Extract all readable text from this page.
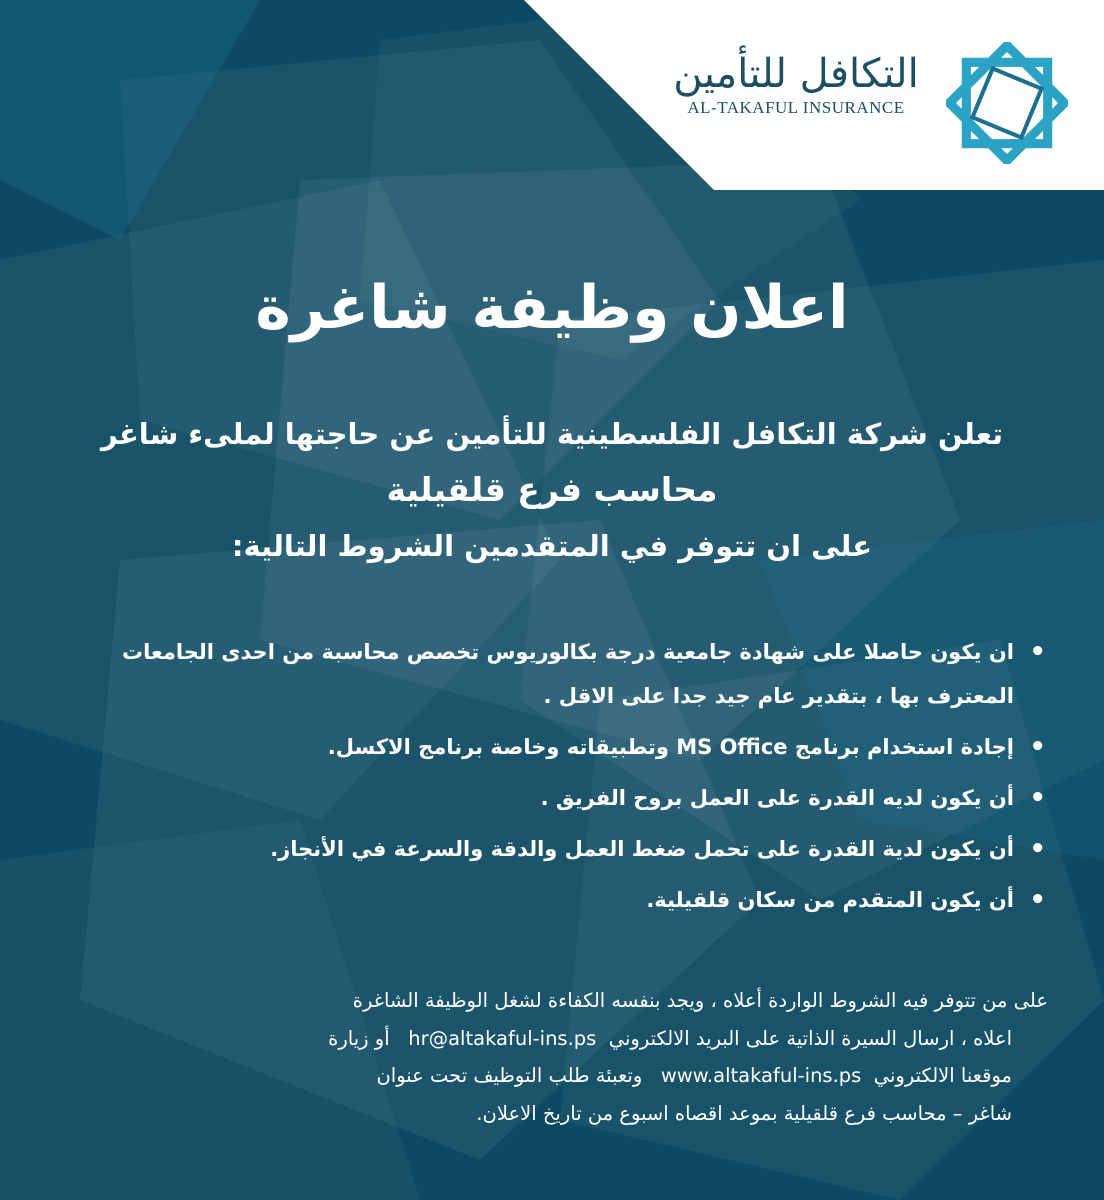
التكافل للتأمين
AL-TAKAFUL INSURANCE
اعلان وظيفة شاغرة
تعلن شركة التكافل الفلسطينية للتأمين عن حاجتها لملىء شاغر
محاسب فرع قلقيلية
على ان تتوفر في المتقدمين الشروط التالية:
• ان يكون حاصلا على شهادة جامعية درجة بكالوريوس تخصص محاسبة من احدى الجامعات المعترف بها ، بتقدير عام جيد جدا على الاقل .
• إجادة استخدام برنامج MS Office وتطبيقاته وخاصة برنامج الاكسل.
• أن يكون لديه القدرة على العمل بروح الفريق .
• أن يكون لدية القدرة على تحمل ضغط العمل والدقة والسرعة في الأنجاز.
• أن يكون المتقدم من سكان قلقيلية.
على من تتوفر فيه الشروط الواردة أعلاه ، ويجد بنفسه الكفاءة لشغل الوظيفة الشاغرة
اعلاه ، ارسال السيرة الذاتية على البريد الالكتروني  hr@altakaful-ins.ps   أو زيارة
موقعنا الالكتروني  www.altakaful-ins.ps   وتعبئة طلب التوظيف تحت عنوان
شاغر – محاسب فرع قلقيلية بموعد اقصاه اسبوع من تاريخ الاعلان.
